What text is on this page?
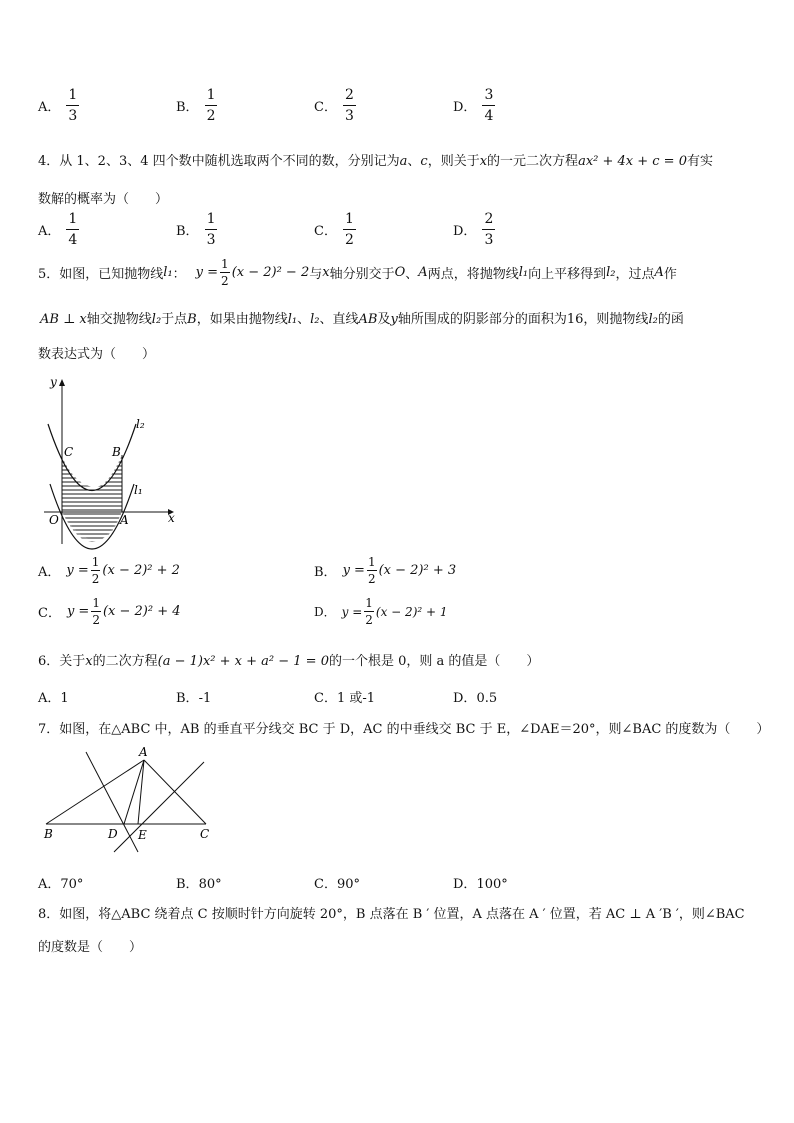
A． $\frac{1}{3}$	B． $\frac{1}{2}$	C． $\frac{2}{3}$	D． $\frac{3}{4}$
4．从 1、2、3、4 四个数中随机选取两个不同的数，分别记为a、c，则关于x的一元二次方程ax² + 4x + c = 0有实
数解的概率为（　　）
A． $\frac{1}{4}$	B． $\frac{1}{3}$	C． $\frac{1}{2}$	D． $\frac{2}{3}$
5．如图，已知抛物线 l₁ ： $y = \frac{1}{2} (x - 2)^2 - 2$ 与 x 轴分别交于 O 、 A 两点，将抛物线 l₁ 向上平移得到 l₂ ，过点 A 作
AB ⊥ x轴交抛物线l₂于点B，如果由抛物线l₁、l₂、直线AB及y轴所围成的阴影部分的面积为16，则抛物线l₂的函
数表达式为（　　）
y
x
l₂
l₁
C	B
O	A
A． $y = \frac{1}{2} (x - 2)^2 + 2$	B． $y = \frac{1}{2} (x - 2)^2 + 3$
C． $y = \frac{1}{2} (x - 2)^2 + 4$	D． $y = \frac{1}{2} (x - 2)^2 + 1$
6．关于x的二次方程(a − 1)x² + x + a² − 1 = 0的一个根是 0，则 a 的值是（　　）
A．1	B．-1	C．1 或-1	D．0.5
7．如图，在△ABC 中，AB 的垂直平分线交 BC 于 D，AC 的中垂线交 BC 于 E，∠DAE＝20°，则∠BAC 的度数为（　　）
A
B	C
D E
A．70°	B．80°	C．90°	D．100°
8．如图，将△ABC 绕着点 C 按顺时针方向旋转 20°，B 点落在 B ′ 位置，A 点落在 A ′ 位置，若 AC ⊥ A ′B ′，则∠BAC
的度数是（　　）
